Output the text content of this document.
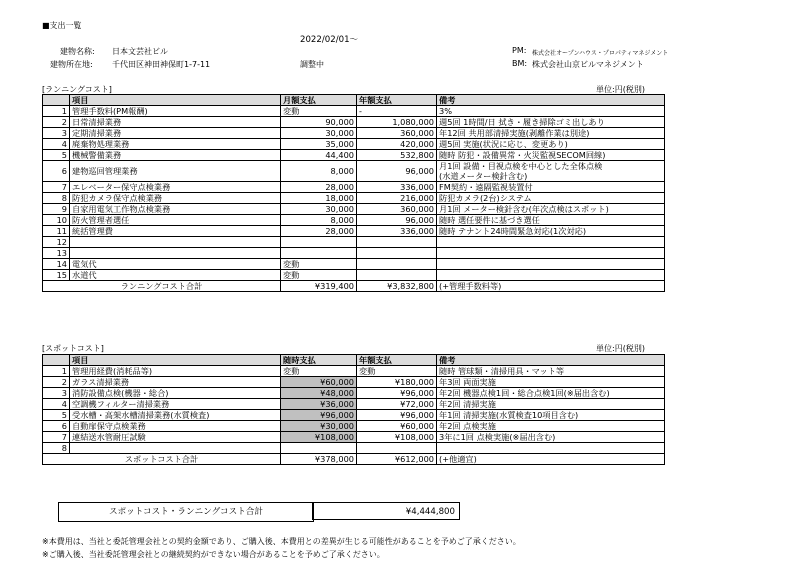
■支出一覧
2022/02/01〜
建物名称: 日本文芸社ビル
建物所在地: 千代田区神田神保町1-7-11	調整中
PM: 株式会社オープンハウス・プロパティマネジメント
BM: 株式会社山京ビルマネジメント
[ランニングコスト]	単位:円(税別)
	項目	月額支払	年額支払	備考
1	管理手数料(PM報酬)	変動	-	3%
2	日常清掃業務	90,000	1,080,000	週5回 1時間/日 拭き・履き掃除ゴミ出しあり
3	定期清掃業務	30,000	360,000	年12回 共用部清掃実施(剥離作業は別途)
4	廃棄物処理業務	35,000	420,000	週5回 実施(状況に応じ、変更あり)
5	機械警備業務	44,400	532,800	随時 防犯・設備異常・火災監視SECOM回線)
6	建物巡回管理業務	8,000	96,000	月1回 設備・目視点検を中心とした全体点検
(水道メーター検針含む)

7	エレベーター保守点検業務	28,000	336,000	FM契約・遠隔監視装置付
8	防犯カメラ保守点検業務	18,000	216,000	防犯カメラ(2台)システム
9	自家用電気工作物点検業務	30,000	360,000	月1回 メーター検針含む(年次点検はスポット)
10	防火管理者選任	8,000	96,000	随時 選任要件に基づき選任
11	統括管理費	28,000	336,000	随時 テナント24時間緊急対応(1次対応)
12				
13				
14	電気代	変動		
15	水道代	変動		
ランニングコスト合計		¥319,400	¥3,832,800	(+管理手数料等)
[スポットコスト]	単位:円(税別)
	項目	随時支払	年額支払	備考
1	管理用経費(消耗品等)	変動	変動	随時 管球類・清掃用具・マット等
2	ガラス清掃業務	¥60,000	¥180,000	年3回 両面実施
3	消防設備点検(機器・総合)	¥48,000	¥96,000	年2回 機器点検1回・総合点検1回(※届出含む)
4	空調機フィルター清掃業務	¥36,000	¥72,000	年2回 清掃実施
5	受水槽・高架水槽清掃業務(水質検査)	¥96,000	¥96,000	年1回 清掃実施(水質検査10項目含む)
6	自動扉保守点検業務	¥30,000	¥60,000	年2回 点検実施
7	連結送水管耐圧試験	¥108,000	¥108,000	3年に1回 点検実施(※届出含む)
8				
スポットコスト合計		¥378,000	¥612,000	(+他適宜)
スポットコスト・ランニングコスト合計	¥4,444,800
※本費用は、当社と委託管理会社との契約金額であり、ご購入後、本費用との差異が生じる可能性があることを予めご了承ください。
※ご購入後、当社委託管理会社との継続契約ができない場合があることを予めご了承ください。
